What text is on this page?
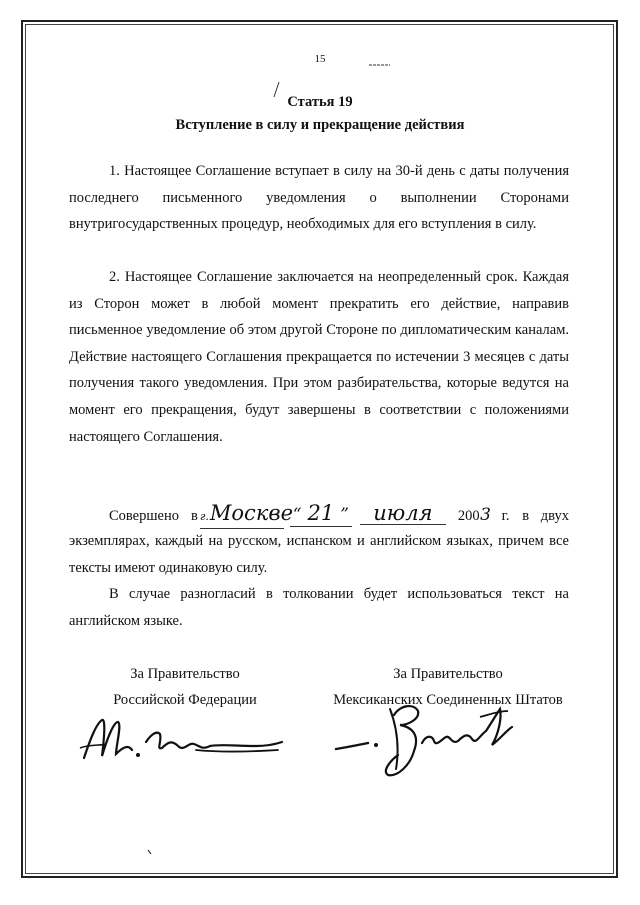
15
Статья 19
Вступление в силу и прекращение действия
1. Настоящее Соглашение вступает в силу на 30-й день с даты получения последнего письменного уведомления о выполнении Сторонами внутригосударственных процедур, необходимых для его вступления в силу.
2. Настоящее Соглашение заключается на неопределенный срок. Каждая из Сторон может в любой момент прекратить его действие, направив письменное уведомление об этом другой Стороне по дипломатическим каналам. Действие настоящего Соглашения прекращается по истечении 3 месяцев с даты получения такого уведомления. При этом разбирательства, которые ведутся на момент его прекращения, будут завершены в соответствии с положениями настоящего Соглашения.
Совершено в г.Москве “ 21 ”	июля	200 3 г. в двух
экземплярах, каждый на русском, испанском и английском языках, причем все тексты имеют одинаковую силу.
В случае разногласий в толковании будет использоваться текст на английском языке.
За Правительство
Российской Федерации
За Правительство
Мексиканских Соединенных Штатов
